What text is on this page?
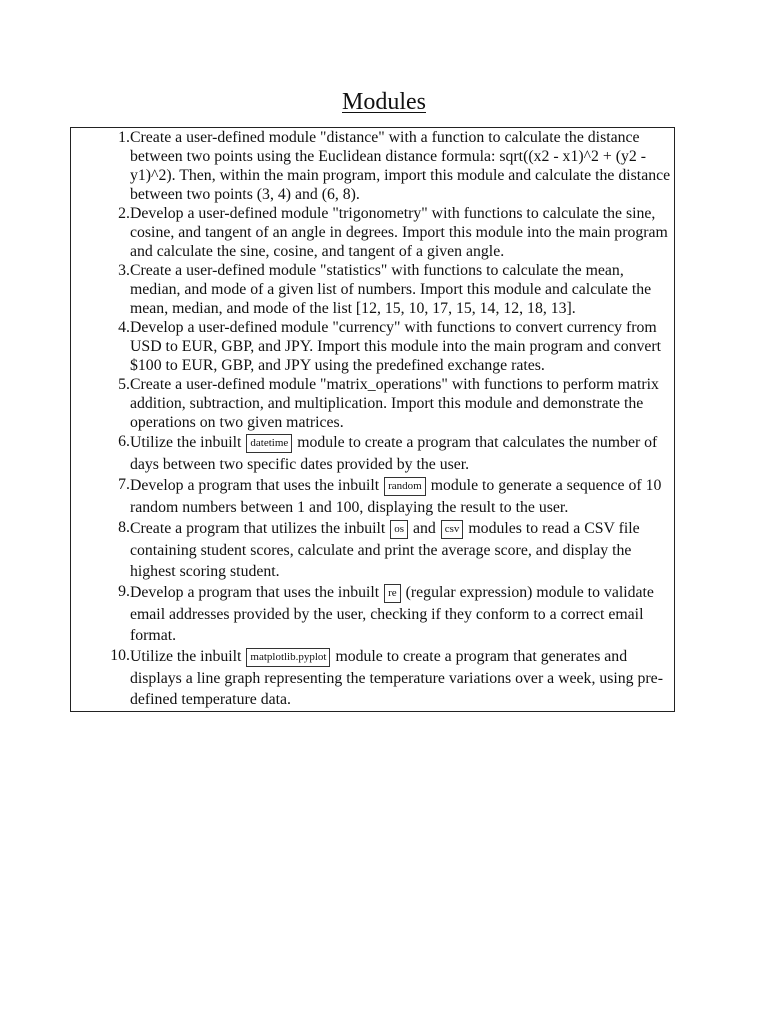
Modules
1. Create a user-defined module "distance" with a function to calculate the distance between two points using the Euclidean distance formula: sqrt((x2 - x1)^2 + (y2 - y1)^2). Then, within the main program, import this module and calculate the distance between two points (3, 4) and (6, 8).
2. Develop a user-defined module "trigonometry" with functions to calculate the sine, cosine, and tangent of an angle in degrees. Import this module into the main program and calculate the sine, cosine, and tangent of a given angle.
3. Create a user-defined module "statistics" with functions to calculate the mean, median, and mode of a given list of numbers. Import this module and calculate the mean, median, and mode of the list [12, 15, 10, 17, 15, 14, 12, 18, 13].
4. Develop a user-defined module "currency" with functions to convert currency from USD to EUR, GBP, and JPY. Import this module into the main program and convert $100 to EUR, GBP, and JPY using the predefined exchange rates.
5. Create a user-defined module "matrix_operations" with functions to perform matrix addition, subtraction, and multiplication. Import this module and demonstrate the operations on two given matrices.
6. Utilize the inbuilt datetime module to create a program that calculates the number of days between two specific dates provided by the user.
7. Develop a program that uses the inbuilt random module to generate a sequence of 10 random numbers between 1 and 100, displaying the result to the user.
8. Create a program that utilizes the inbuilt os and csv modules to read a CSV file containing student scores, calculate and print the average score, and display the highest scoring student.
9. Develop a program that uses the inbuilt re (regular expression) module to validate email addresses provided by the user, checking if they conform to a correct email format.
10. Utilize the inbuilt matplotlib.pyplot module to create a program that generates and displays a line graph representing the temperature variations over a week, using pre-defined temperature data.
